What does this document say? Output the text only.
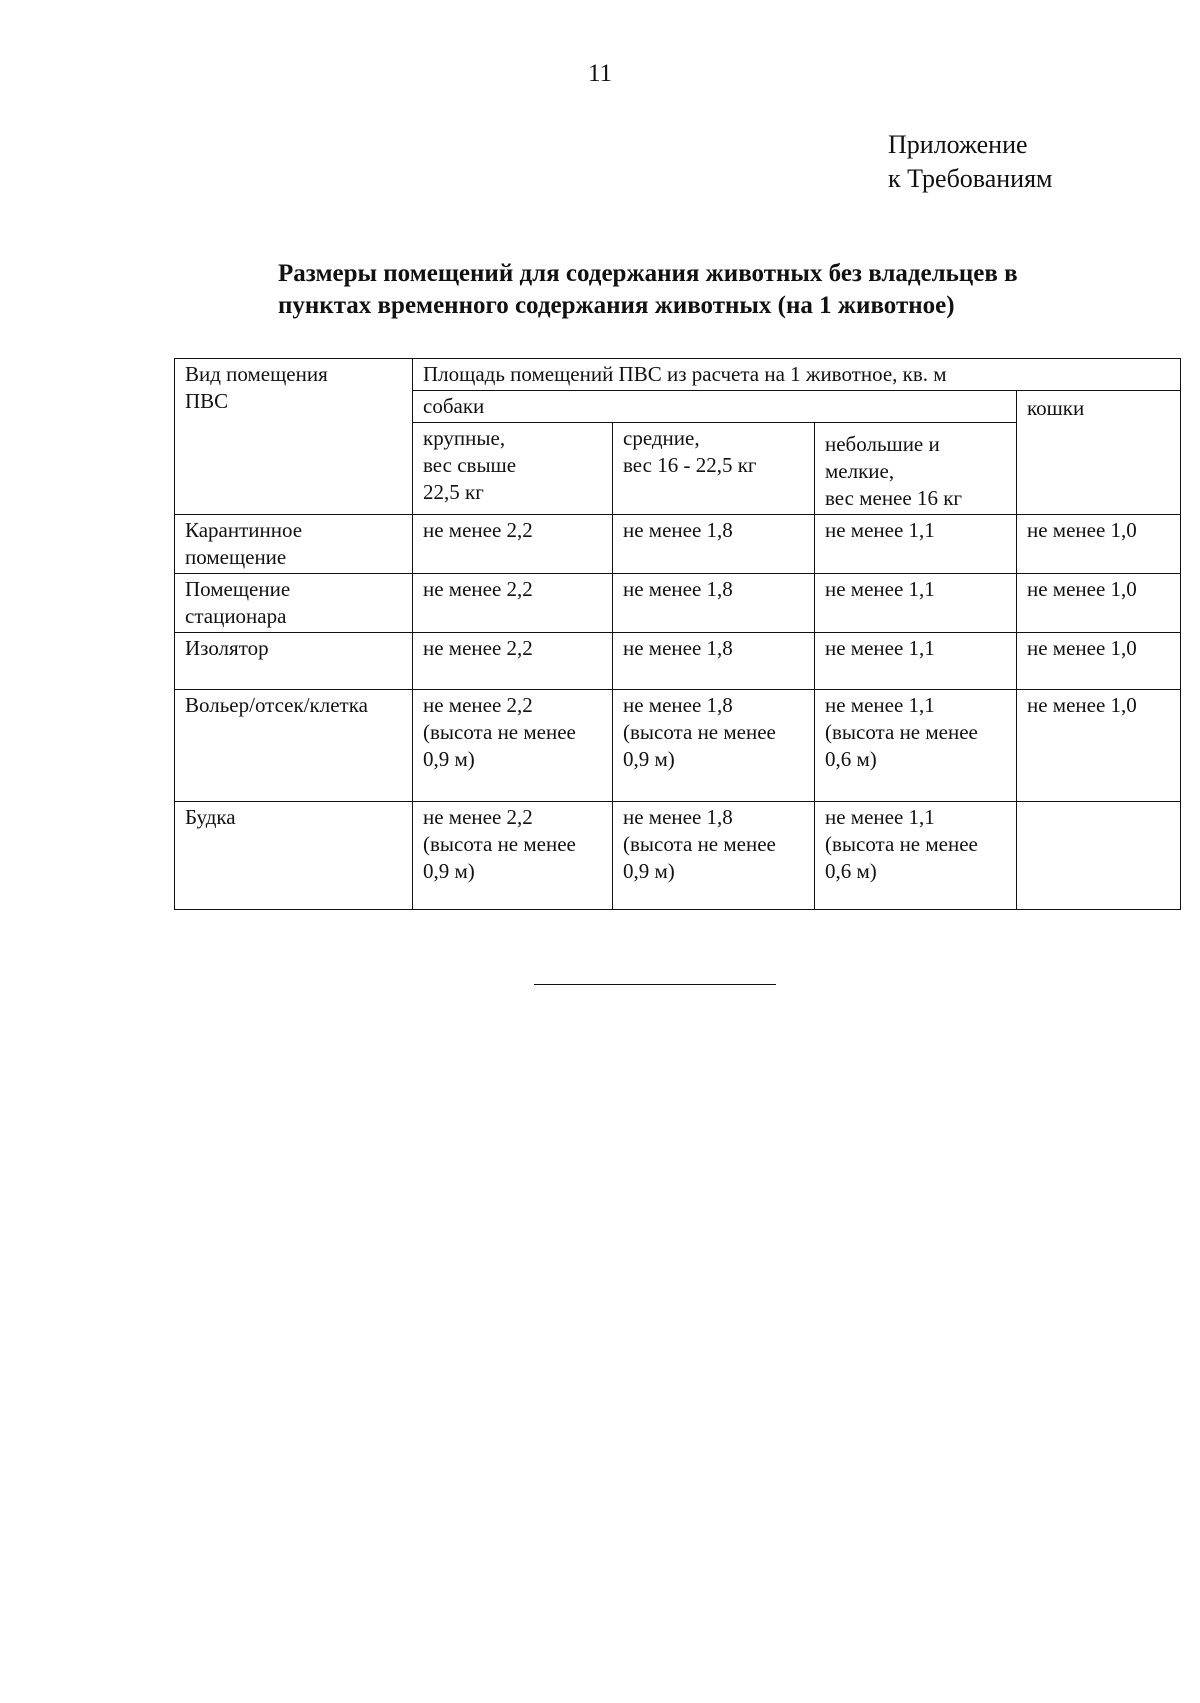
11
Приложение
к Требованиям
Размеры помещений для содержания животных без владельцев в
пунктах временного содержания животных (на 1 животное)
Вид помещения
ПВС	Площадь помещений ПВС из расчета на 1 животное, кв. м			

	собаки			кошки

	крупные,
вес свыше
22,5 кг	средние,
вес 16 - 22,5 кг	небольшие и
мелкие,
вес менее 16 кг	

Карантинное
помещение	не менее 2,2	не менее 1,8	не менее 1,1	не менее 1,0

Помещение
стационара	не менее 2,2	не менее 1,8	не менее 1,1	не менее 1,0

Изолятор	не менее 2,2	не менее 1,8	не менее 1,1	не менее 1,0

Вольер/отсек/клетка	не менее 2,2
(высота не менее
0,9 м)	не менее 1,8
(высота не менее
0,9 м)	не менее 1,1
(высота не менее
0,6 м)	не менее 1,0

Будка	не менее 2,2
(высота не менее
0,9 м)	не менее 1,8
(высота не менее
0,9 м)	не менее 1,1
(высота не менее
0,6 м)	
